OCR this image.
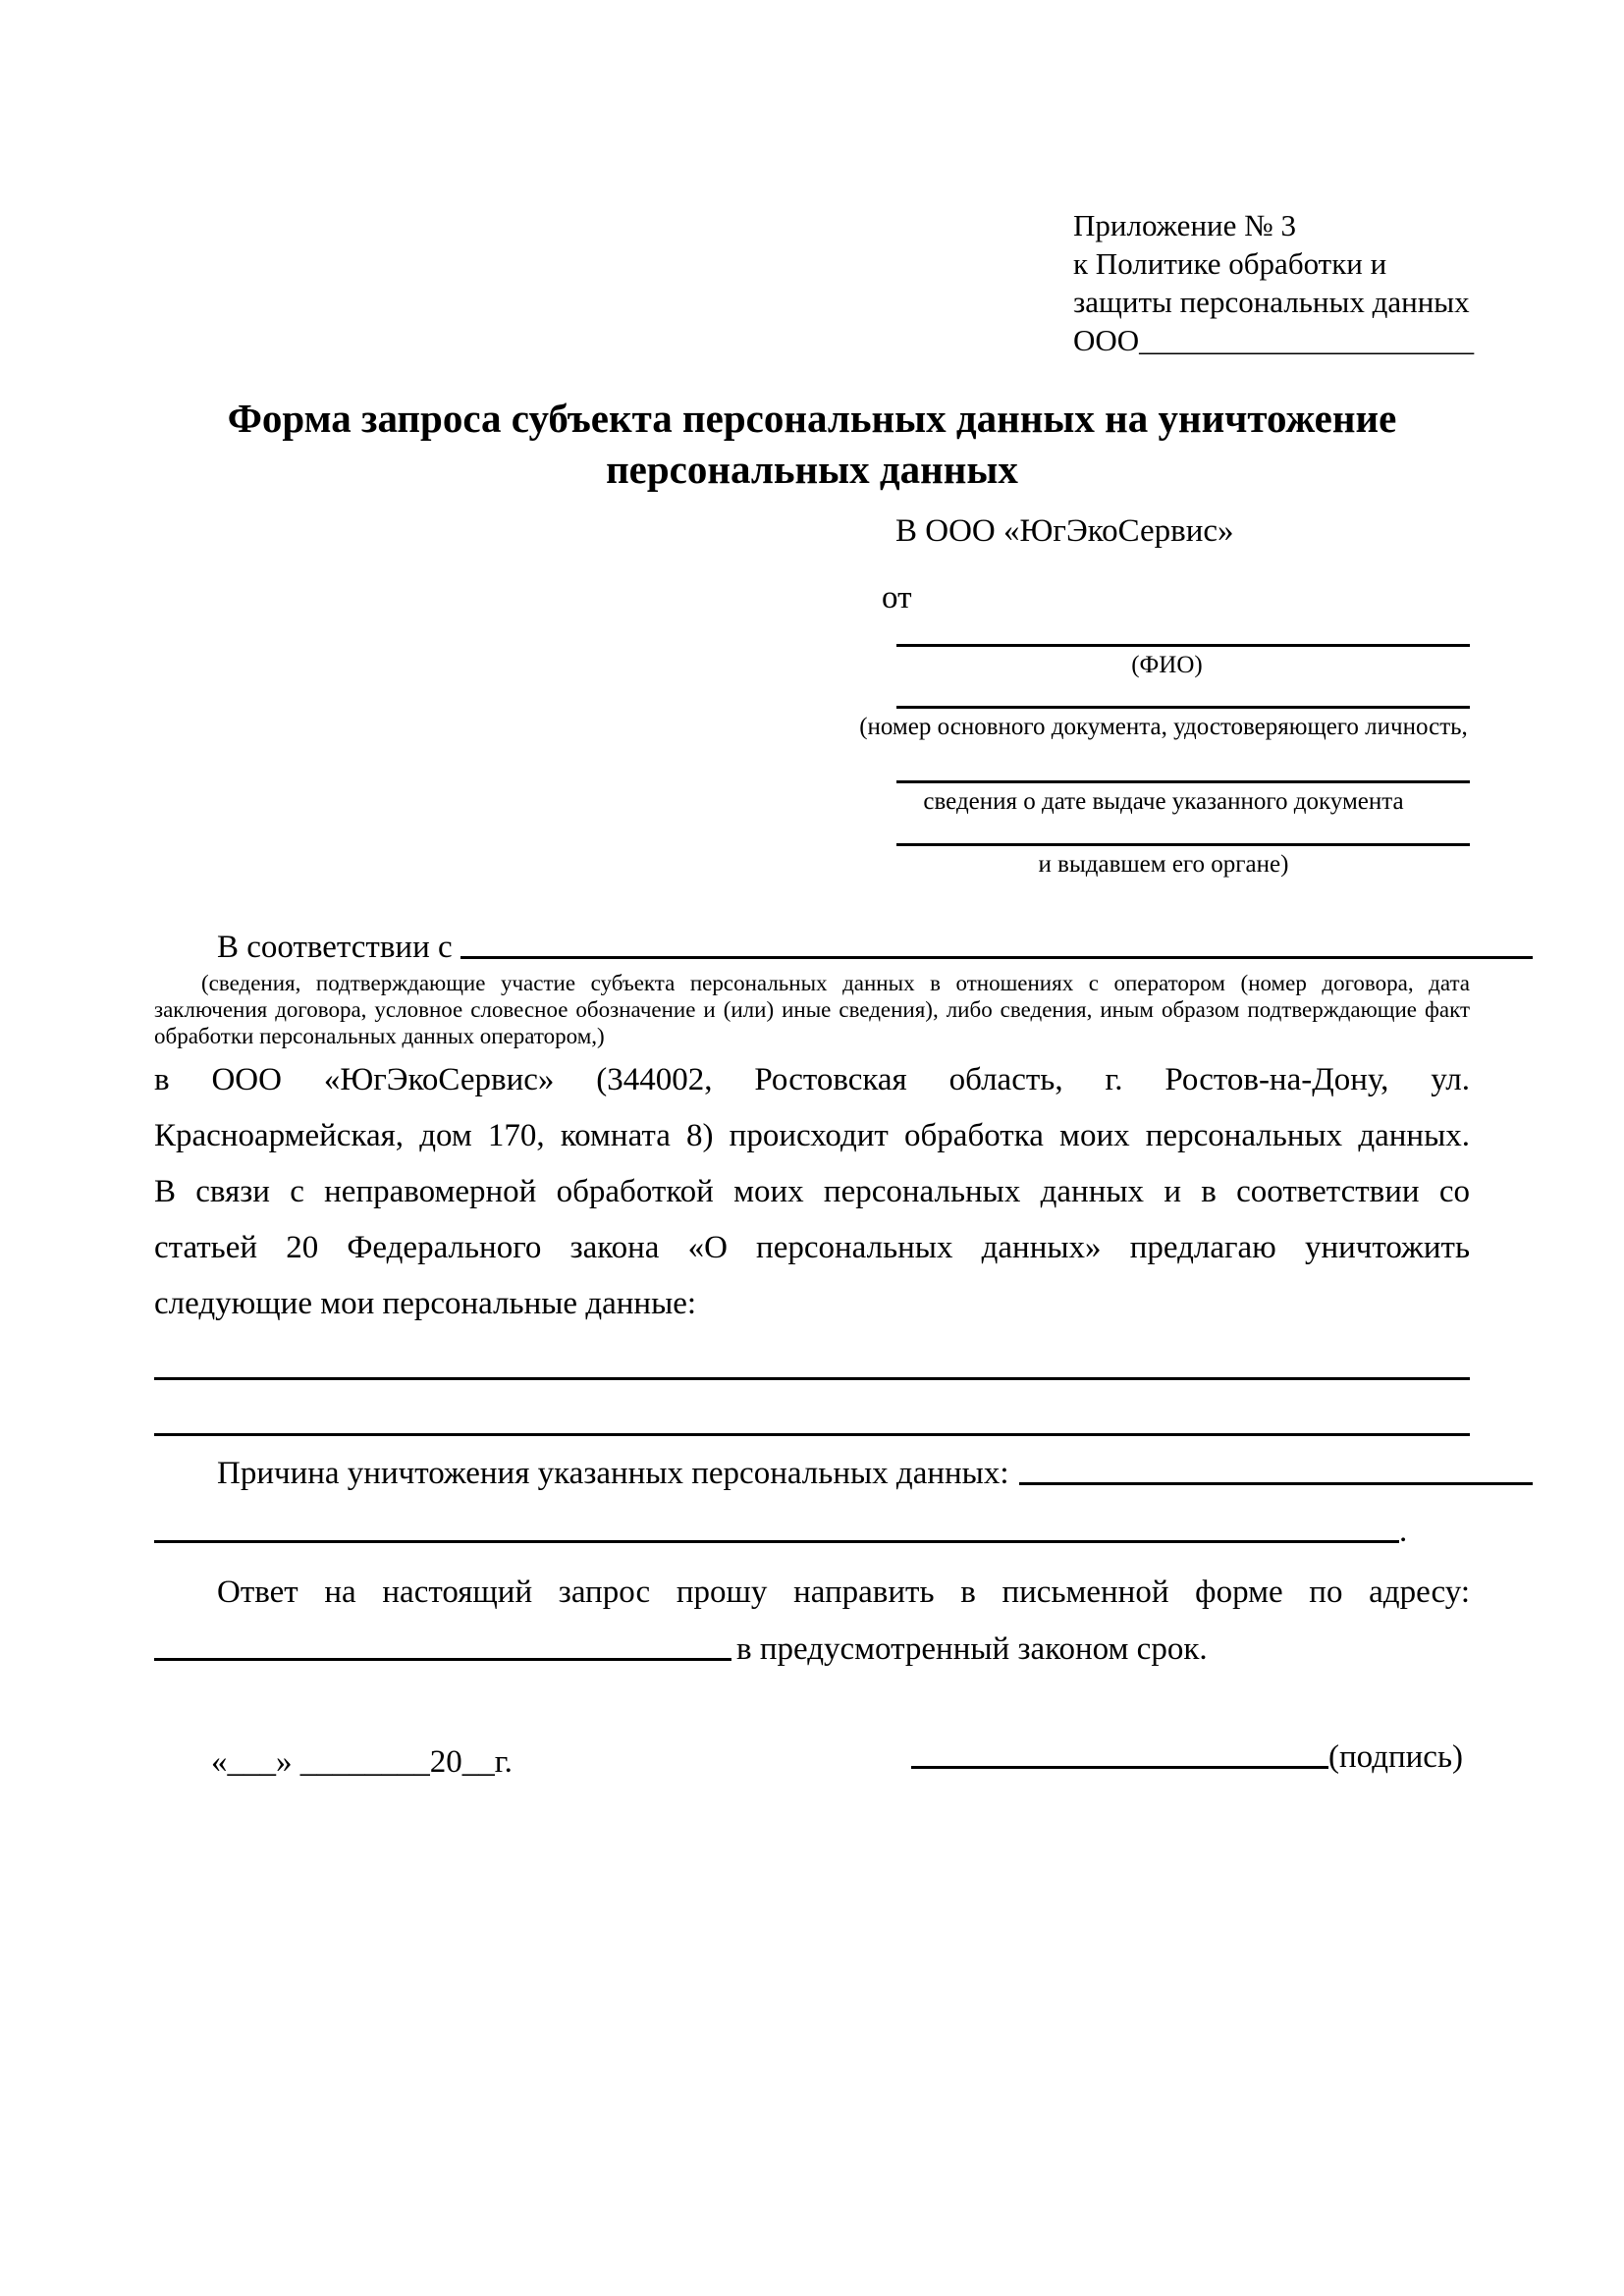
Приложение № 3
к Политике обработки и
защиты персональных данных
ООО______________________
Форма запроса субъекта персональных данных на уничтожение
персональных данных
В ООО «ЮгЭкоСервис»
от
(ФИО)
(номер основного документа, удостоверяющего личность,
сведения о дате выдаче указанного документа
и выдавшем его органе)
В соответствии с
(сведения, подтверждающие участие субъекта персональных данных в отношениях с оператором (номер договора, дата
заключения договора, условное словесное обозначение и (или) иные сведения), либо сведения, иным образом подтверждающие факт
обработки персональных данных оператором,)
в ООО «ЮгЭкоСервис» (344002, Ростовская область, г. Ростов-на-Дону, ул.
Красноармейская, дом 170, комната 8) происходит обработка моих персональных данных.
В связи с неправомерной обработкой моих персональных данных и в соответствии со
статьей 20 Федерального закона «О персональных данных» предлагаю уничтожить
следующие мои персональные данные:
Причина уничтожения указанных персональных данных:
.
Ответ на настоящий запрос прошу направить в письменной форме по адресу:
в предусмотренный законом срок.
«___» ________20__г.	(подпись)
